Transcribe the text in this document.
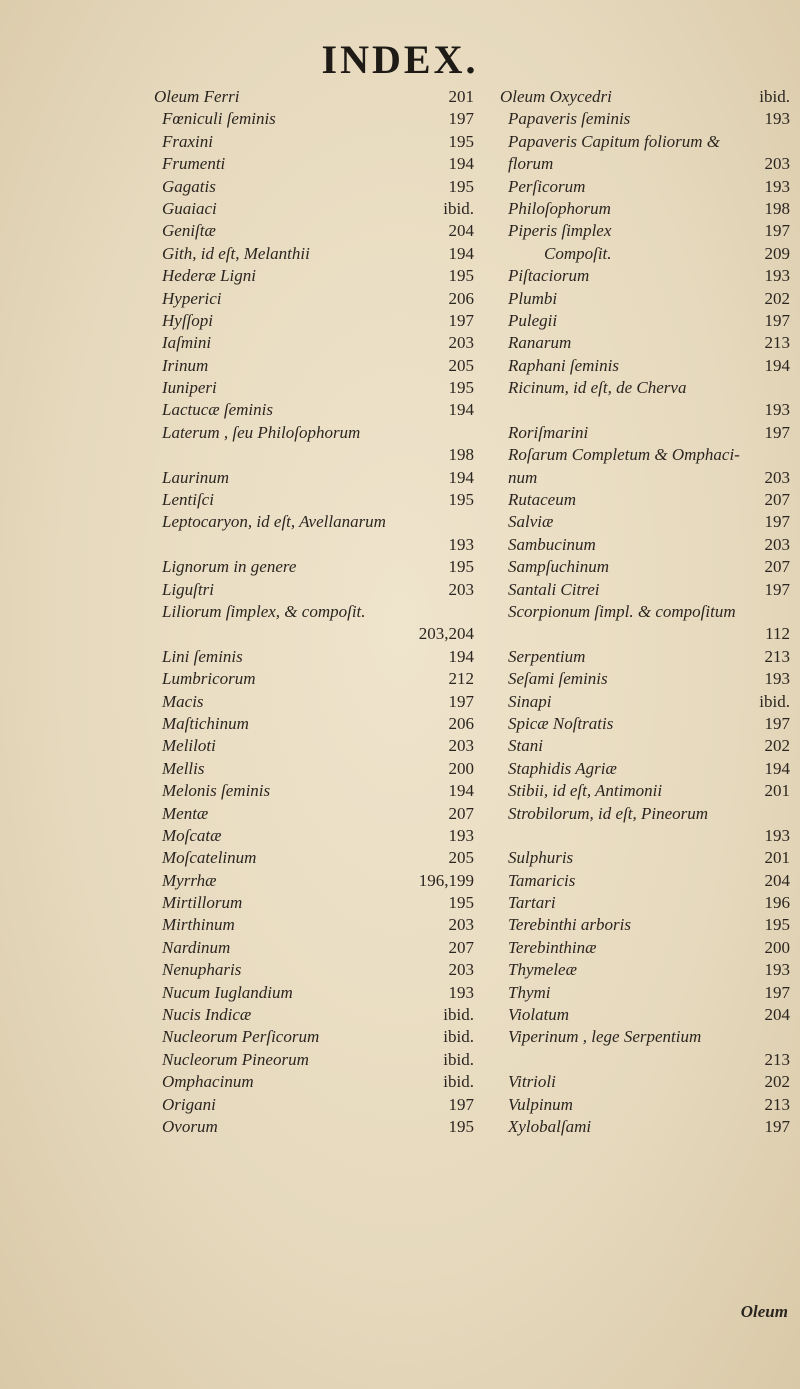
INDEX.
Oleum Ferri	201
Fœniculi ſeminis	197
Fraxini	195
Frumenti	194
Gagatis	195
Guaiaci	ibid.
Geniſtæ	204
Gith, id eſt, Melanthii	194
Hederæ Ligni	195
Hyperici	206
Hyſſopi	197
Iaſmini	203
Irinum	205
Iuniperi	195
Lactucæ ſeminis	194
Laterum , ſeu Philoſophorum
198
Laurinum	194
Lentiſci	195
Leptocaryon, id eſt, Avellanarum
193
Lignorum in genere	195
Liguſtri	203
Liliorum ſimplex, & compoſit.
203,204
Lini ſeminis	194
Lumbricorum	212
Macis	197
Maſtichinum	206
Meliloti	203
Mellis	200
Melonis ſeminis	194
Mentæ	207
Moſcatæ	193
Moſcatelinum	205
Myrrhæ	196,199
Mirtillorum	195
Mirthinum	203
Nardinum	207
Nenupharis	203
Nucum Iuglandium	193
Nucis Indicæ	ibid.
Nucleorum Perſicorum	ibid.
Nucleorum Pineorum	ibid.
Omphacinum	ibid.
Origani	197
Ovorum	195
Oleum Oxycedri	ibid.
Papaveris ſeminis	193
Papaveris Capitum foliorum &
florum	203
Perſicorum	193
Philoſophorum	198
Piperis ſimplex	197
Compoſit.	209
Piſtaciorum	193
Plumbi	202
Pulegii	197
Ranarum	213
Raphani ſeminis	194
Ricinum, id eſt, de Cherva
193
Roriſmarini	197
Roſarum Completum & Omphaci-
num	203
Rutaceum	207
Salviæ	197
Sambucinum	203
Sampſuchinum	207
Santali Citrei	197
Scorpionum ſimpl. & compoſitum
112
Serpentium	213
Seſami ſeminis	193
Sinapi	ibid.
Spicæ Noſtratis	197
Stani	202
Staphidis Agriæ	194
Stibii, id eſt, Antimonii	201
Strobilorum, id eſt, Pineorum
193
Sulphuris	201
Tamaricis	204
Tartari	196
Terebinthi arboris	195
Terebinthinæ	200
Thymeleæ	193
Thymi	197
Violatum	204
Viperinum , lege Serpentium
213
Vitrioli	202
Vulpinum	213
Xylobalſami	197
Oleum
